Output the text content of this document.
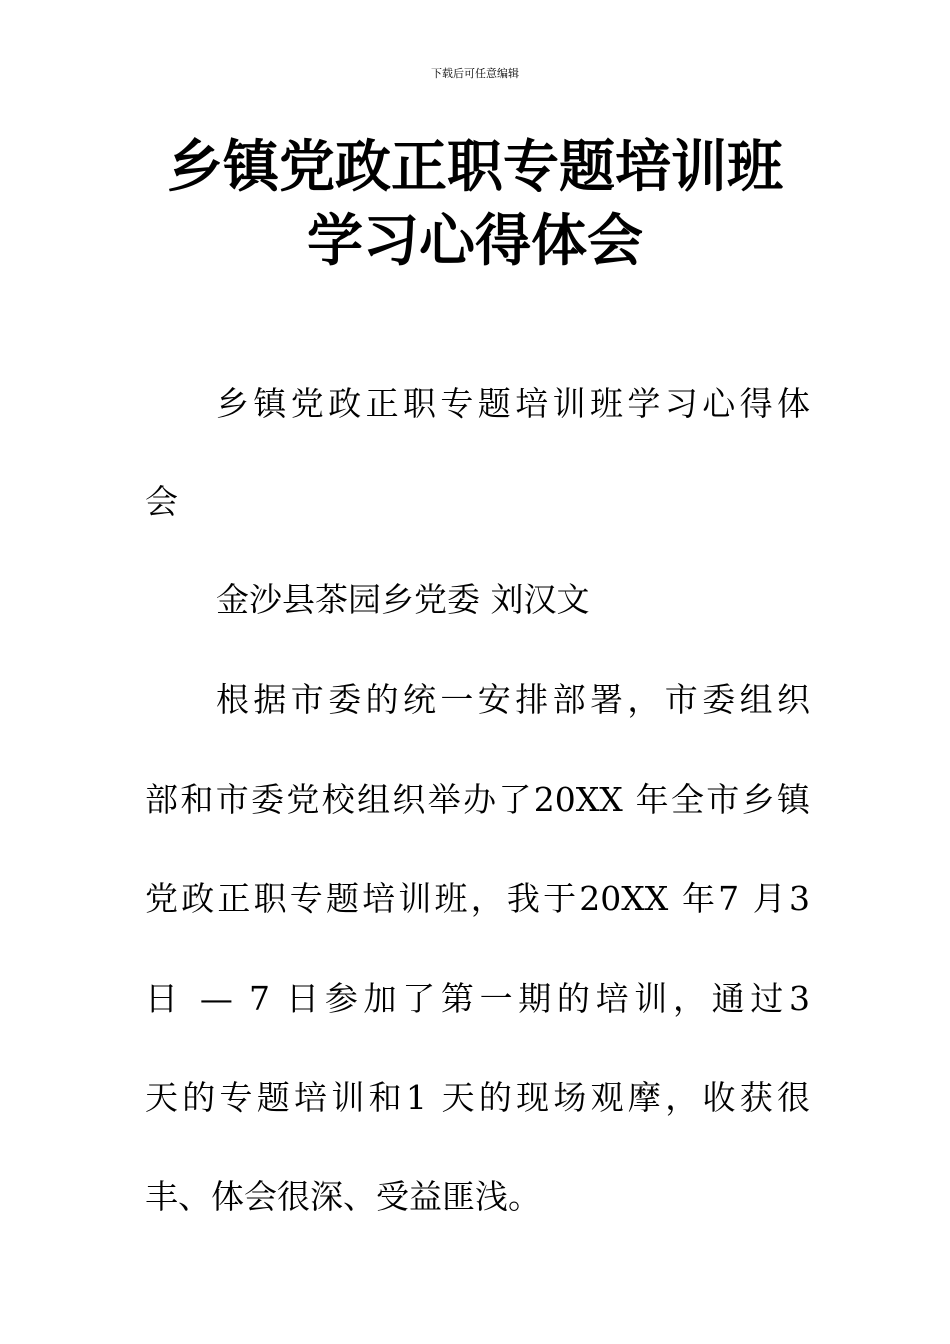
下载后可任意编辑
乡镇党政正职专题培训班
学习心得体会
乡镇党政正职专题培训班学习心得体
会
金沙县茶园乡党委 刘汉文
根据市委的统一安排部署，市委组织
部和市委党校组织举办了20XX 年全市乡镇
党政正职专题培训班，我于20XX 年7 月3
日 — 7 日参加了第一期的培训，通过3
天的专题培训和1 天的现场观摩，收获很
丰、体会很深、受益匪浅。
